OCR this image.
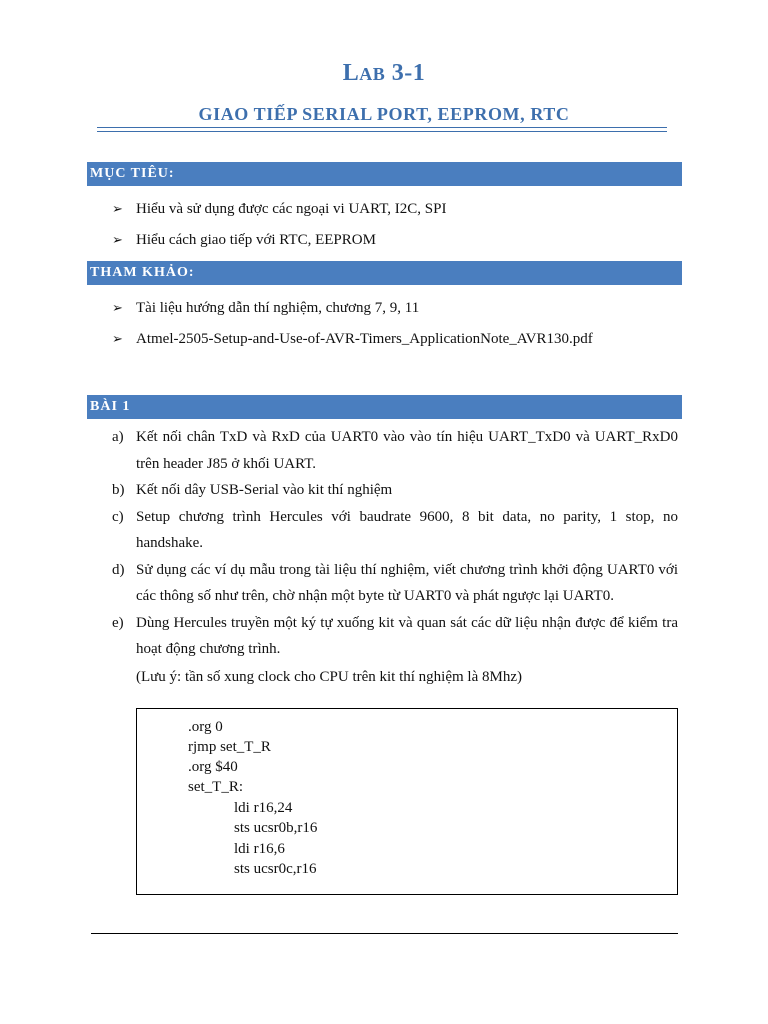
LAB 3-1
GIAO TIẾP SERIAL PORT, EEPROM, RTC
MỤC TIÊU:
➢ Hiểu và sử dụng được các ngoại vi UART, I2C, SPI
➢ Hiểu cách giao tiếp với RTC, EEPROM
THAM KHẢO:
➢ Tài liệu hướng dẫn thí nghiệm, chương 7, 9, 11
➢ Atmel-2505-Setup-and-Use-of-AVR-Timers_ApplicationNote_AVR130.pdf
BÀI 1
a) Kết nối chân TxD và RxD của UART0 vào vào tín hiệu UART_TxD0 và UART_RxD0 trên header J85 ở khối UART.
b) Kết nối dây USB-Serial vào kit thí nghiệm
c) Setup chương trình Hercules với baudrate 9600, 8 bit data, no parity, 1 stop, no handshake.
d) Sử dụng các ví dụ mẫu trong tài liệu thí nghiệm, viết chương trình khởi động UART0 với các thông số như trên, chờ nhận một byte từ UART0 và phát ngược lại UART0.
e) Dùng Hercules truyền một ký tự xuống kit và quan sát các dữ liệu nhận được để kiểm tra hoạt động chương trình.
(Lưu ý: tần số xung clock cho CPU trên kit thí nghiệm là 8Mhz)
.org 0
rjmp set_T_R
.org $40
set_T_R:
ldi r16,24
sts ucsr0b,r16
ldi r16,6
sts ucsr0c,r16
